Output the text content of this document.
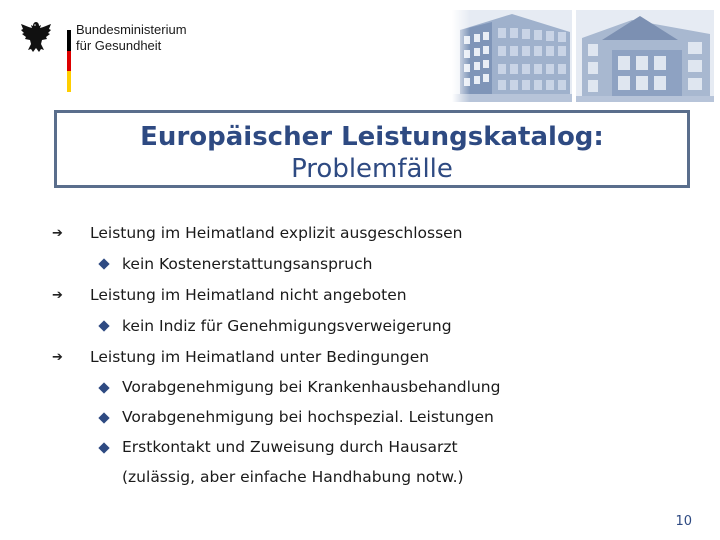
Bundesministerium
für Gesundheit
Europäischer Leistungskatalog:
Problemfälle
➔ Leistung im Heimatland explizit ausgeschlossen
kein Kostenerstattungsanspruch
➔ Leistung im Heimatland nicht angeboten
kein Indiz für Genehmigungsverweigerung
➔ Leistung im Heimatland unter Bedingungen
Vorabgenehmigung bei Krankenhausbehandlung
Vorabgenehmigung bei hochspezial. Leistungen
Erstkontakt und Zuweisung durch Hausarzt
(zulässig, aber einfache Handhabung notw.)
10
